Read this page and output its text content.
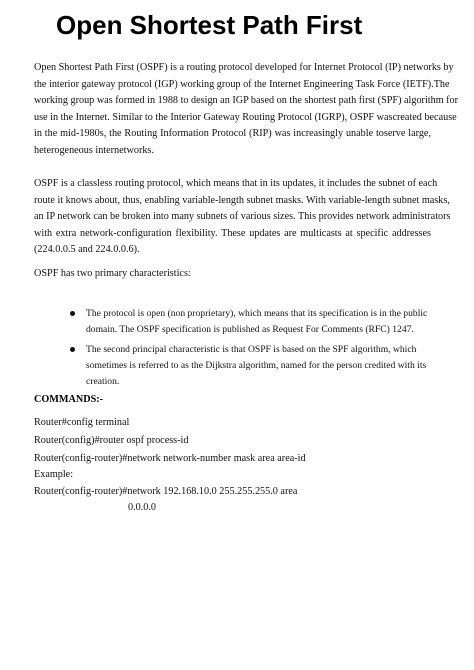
Open Shortest Path First

Open Shortest Path First (OSPF) is a routing protocol developed for Internet Protocol (IP) networks by
the interior gateway protocol (IGP) working group of the Internet Engineering Task Force (IETF).The
working group was formed in 1988 to design an IGP based on the shortest path first (SPF) algorithm for
use in the Internet. Similar to the Interior Gateway Routing Protocol (IGRP), OSPF wascreated because
in the mid-1980s, the Routing Information Protocol (RIP) was increasingly unable toserve large,
heterogeneous internetworks.

OSPF is a classless routing protocol, which means that in its updates, it includes the subnet of each
route it knows about, thus, enabling variable-length subnet masks. With variable-length subnet masks,
an IP network can be broken into many subnets of various sizes. This provides network administrators
with extra network-configuration flexibility. These updates are multicasts at specific addresses
(224.0.0.5 and 224.0.0.6).

OSPF has two primary characteristics:

The protocol is open (non proprietary), which means that its specification is in the public
domain. The OSPF specification is published as Request For Comments (RFC) 1247.
The second principal characteristic is that OSPF is based on the SPF algorithm, which
sometimes is referred to as the Dijkstra algorithm, named for the person credited with its
creation.

COMMANDS:-

Router#config terminal

Router(config)#router ospf process-id

Router(config-router)#network network-number mask area area-id

Example:

Router(config-router)#network 192.168.10.0 255.255.255.0 area

0.0.0.0
